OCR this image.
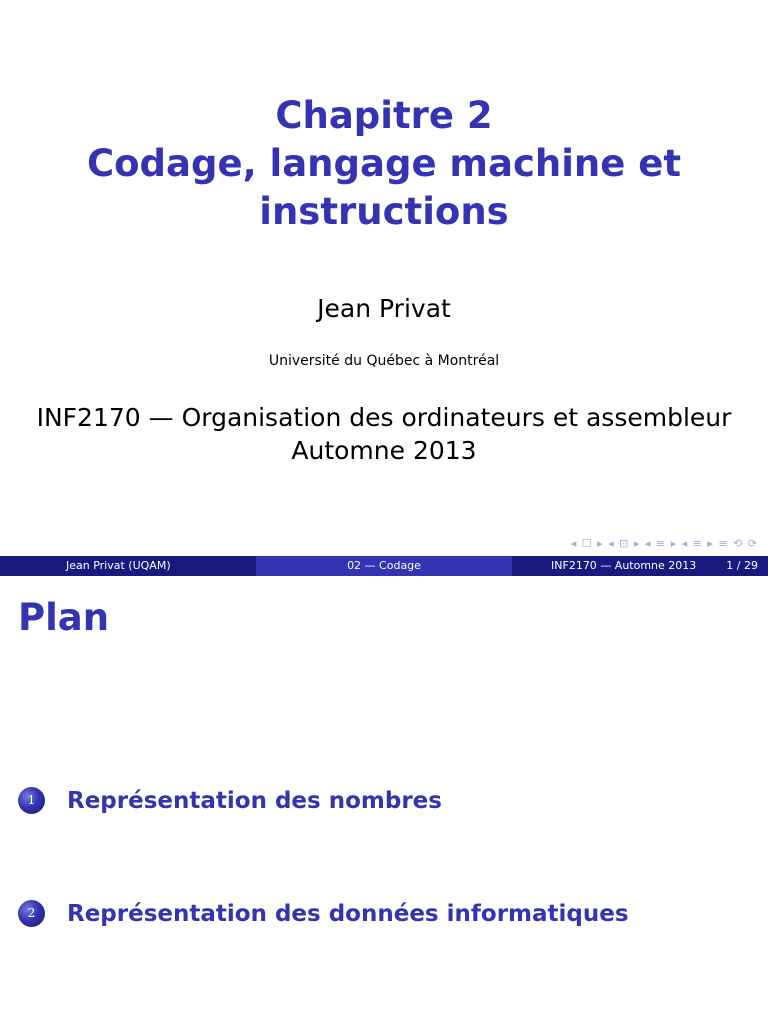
Chapitre 2
Codage, langage machine et
instructions
Jean Privat
Université du Québec à Montréal
INF2170 — Organisation des ordinateurs et assembleur
Automne 2013
◂ ☐ ▸ ◂ ⊡ ▸ ◂ ≡ ▸ ◂ ≡ ▸ ≡ ⟲ ⟳
Jean Privat (UQAM)	02 — Codage	INF2170 — Automne 2013	1 / 29
Plan
1	Représentation des nombres
2	Représentation des données informatiques
